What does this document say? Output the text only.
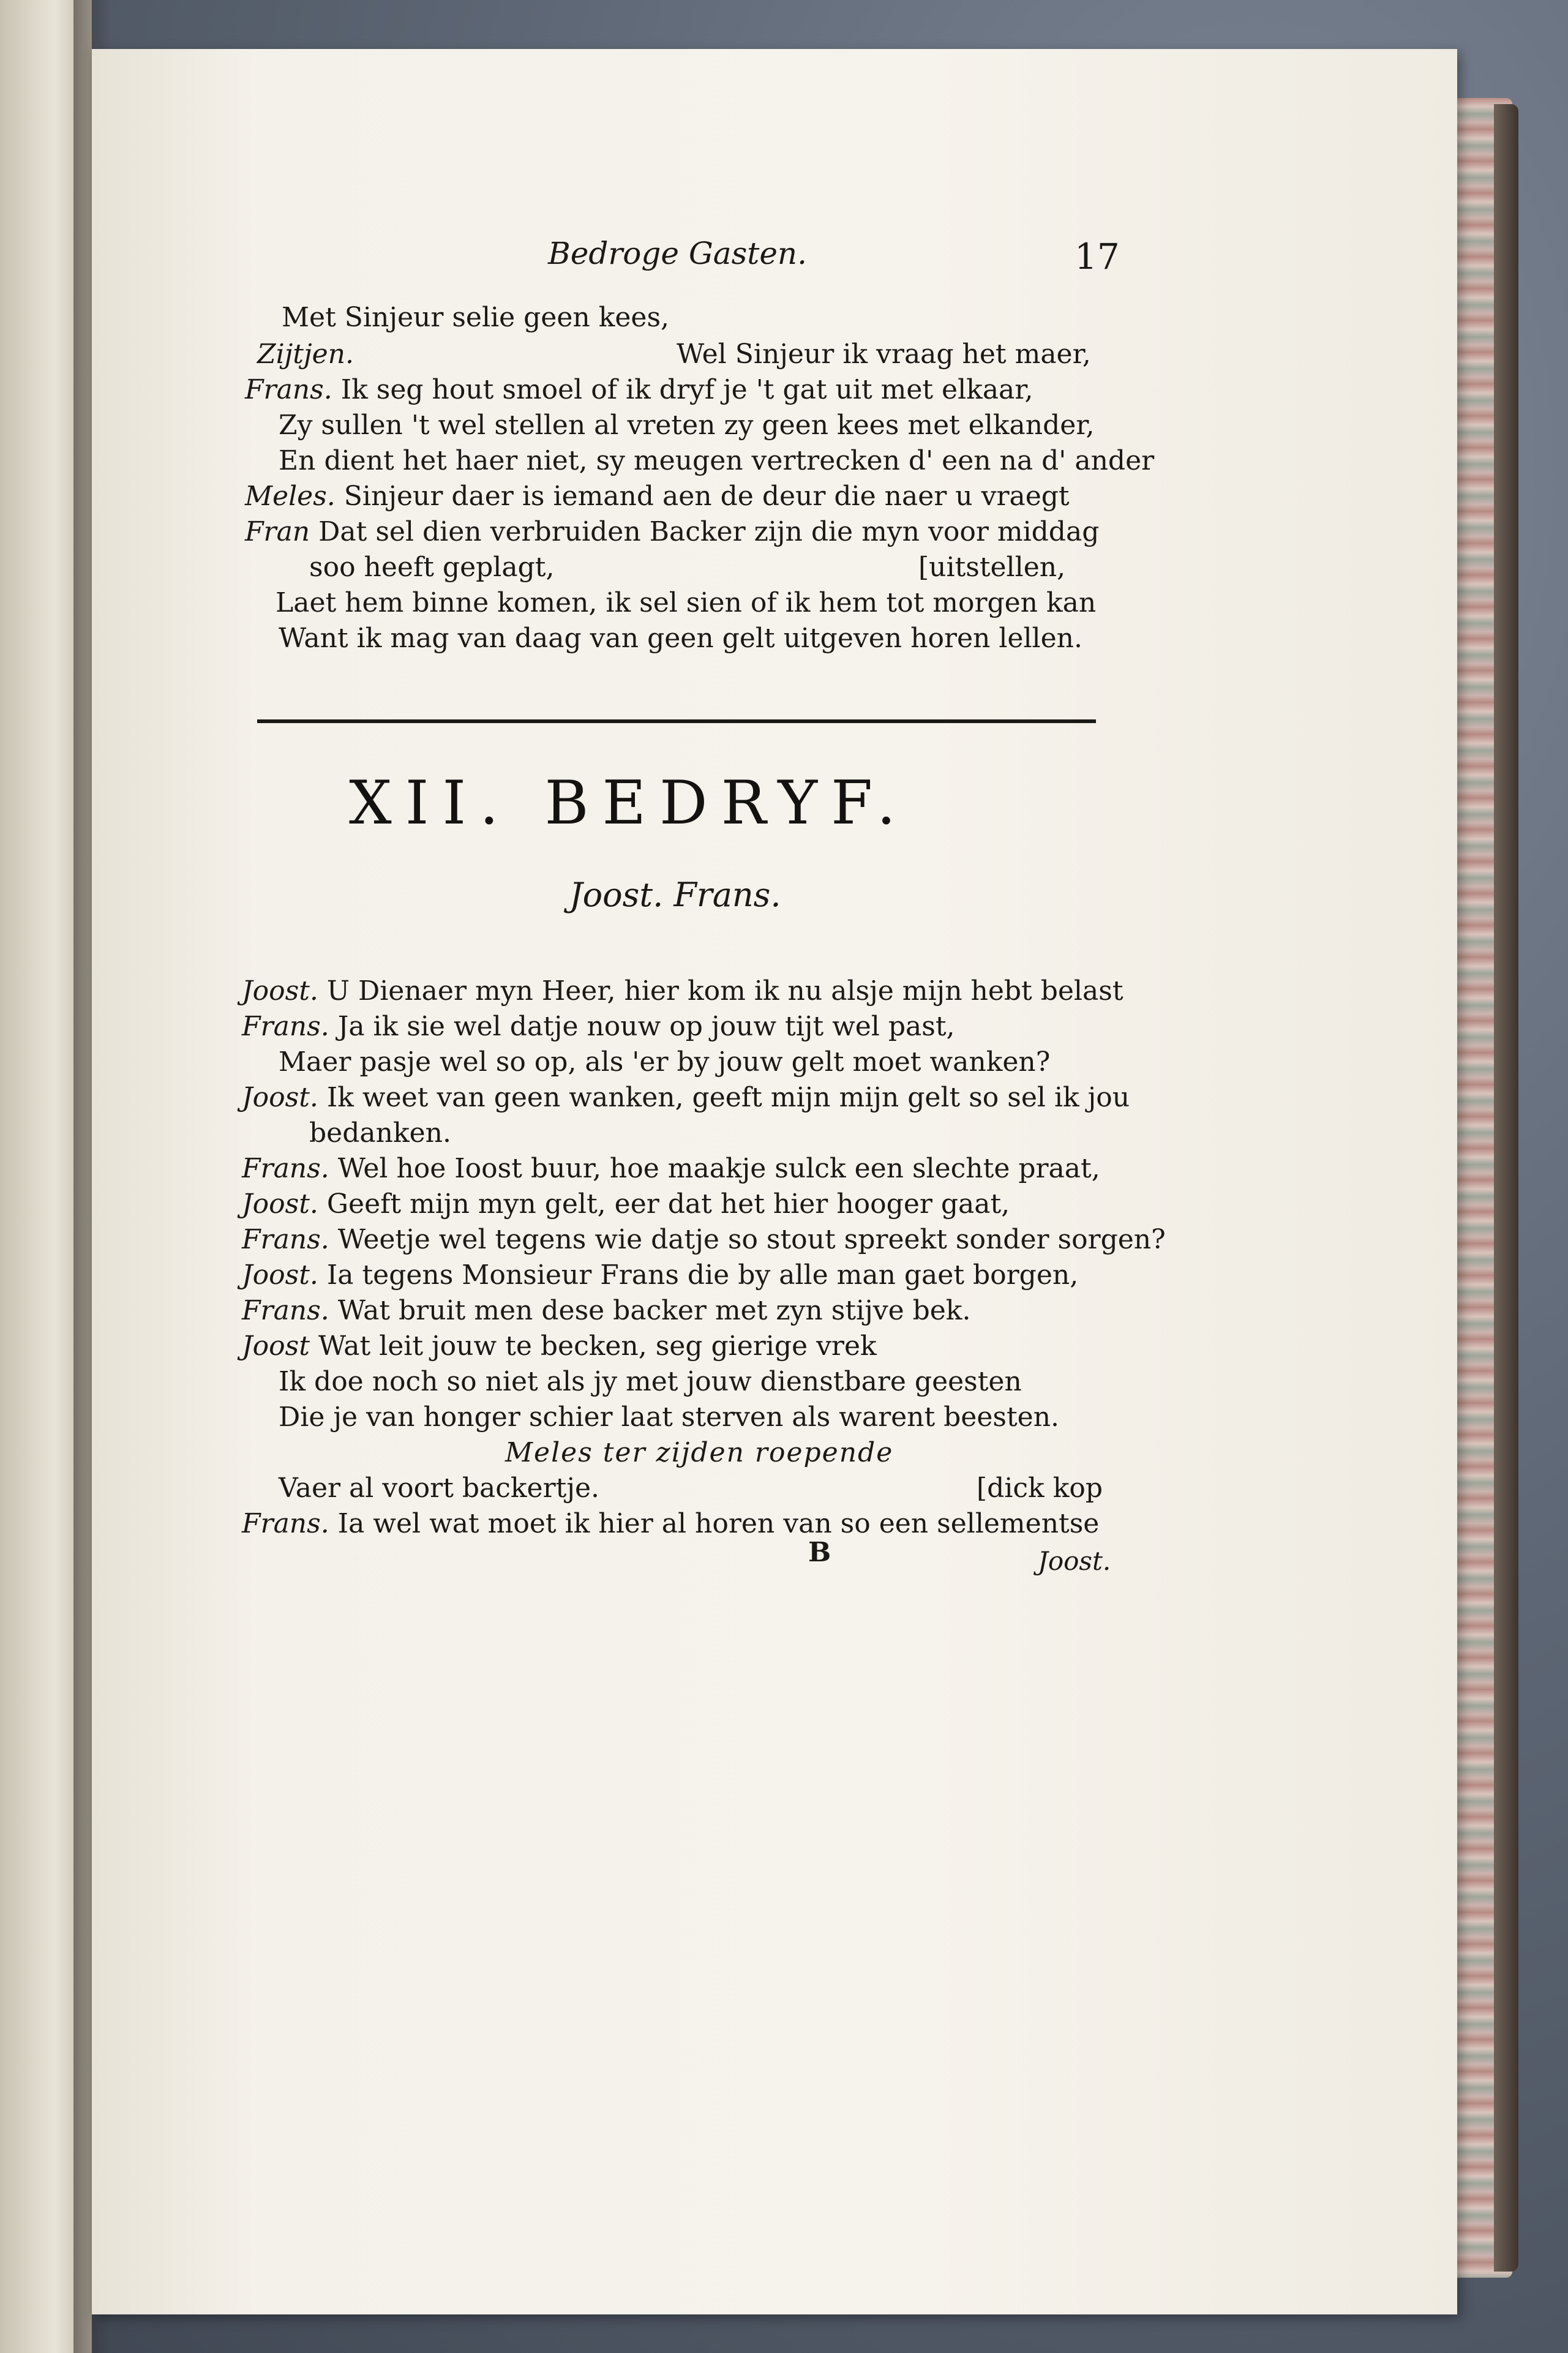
Bedroge Gasten.	17
Met Sinjeur selie geen kees,
Zijtjen.	Wel Sinjeur ik vraag het maer,
Frans. Ik seg hout smoel of ik dryf je 't gat uit met elkaar,
Zy sullen 't wel stellen al vreten zy geen kees met elkander,
En dient het haer niet, sy meugen vertrecken d' een na d' ander
Meles. Sinjeur daer is iemand aen de deur die naer u vraegt
Fran Dat sel dien verbruiden Backer zijn die myn voor middag
soo heeft geplagt,	[uitstellen,
Laet hem binne komen, ik sel sien of ik hem tot morgen kan
Want ik mag van daag van geen gelt uitgeven horen lellen.
XII. BEDRYF.
Joost. Frans.
Joost. U Dienaer myn Heer, hier kom ik nu alsje mijn hebt belast
Frans. Ja ik sie wel datje nouw op jouw tijt wel past,
Maer pasje wel so op, als 'er by jouw gelt moet wanken?
Joost. Ik weet van geen wanken, geeft mijn mijn gelt so sel ik jou
bedanken.
Frans. Wel hoe Ioost buur, hoe maakje sulck een slechte praat,
Joost. Geeft mijn myn gelt, eer dat het hier hooger gaat,
Frans. Weetje wel tegens wie datje so stout spreekt sonder sorgen?
Joost. Ia tegens Monsieur Frans die by alle man gaet borgen,
Frans. Wat bruit men dese backer met zyn stijve bek.
Joost Wat leit jouw te becken, seg gierige vrek
Ik doe noch so niet als jy met jouw dienstbare geesten
Die je van honger schier laat sterven als warent beesten.
Meles ter zijden roepende
Vaer al voort backertje.	[dick kop
Frans. Ia wel wat moet ik hier al horen van so een sellementse
B	Joost.
